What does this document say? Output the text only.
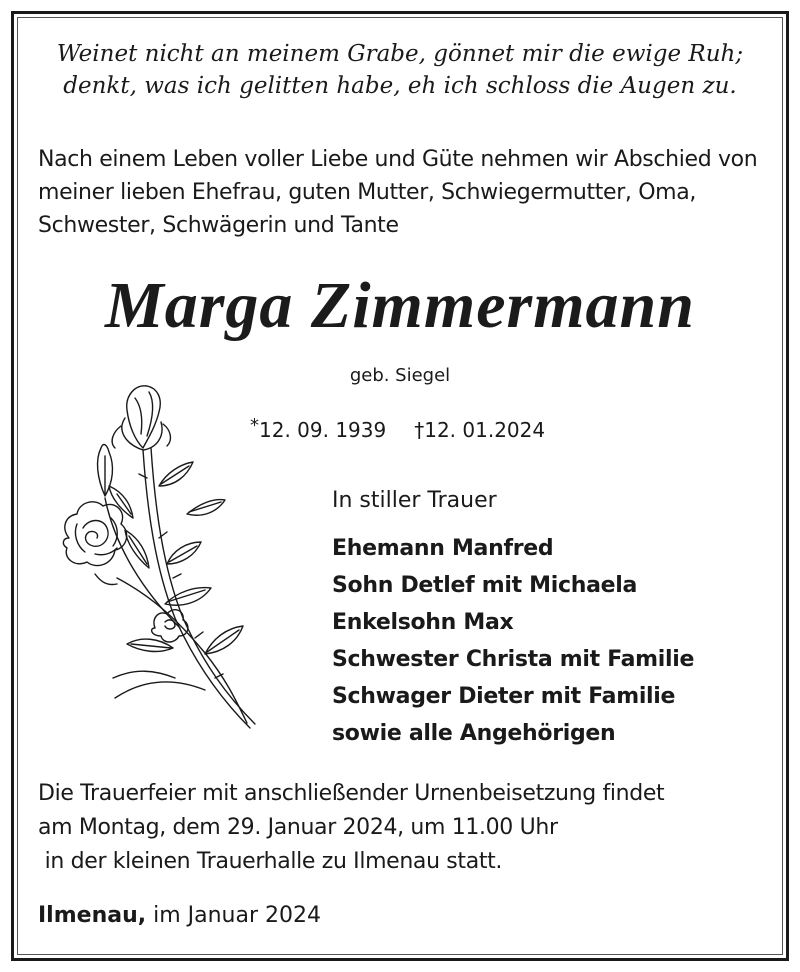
Weinet nicht an meinem Grabe, gönnet mir die ewige Ruh;
denkt, was ich gelitten habe, eh ich schloss die Augen zu.
Nach einem Leben voller Liebe und Güte nehmen wir Abschied von
meiner lieben Ehefrau, guten Mutter, Schwiegermutter, Oma,
Schwester, Schwägerin und Tante
Marga Zimmermann
geb. Siegel
*12. 09. 1939 †12. 01.2024
In stiller Trauer
Ehemann Manfred
Sohn Detlef mit Michaela
Enkelsohn Max
Schwester Christa mit Familie
Schwager Dieter mit Familie
sowie alle Angehörigen
Die Trauerfeier mit anschließender Urnenbeisetzung findet
am Montag, dem 29. Januar 2024, um 11.00 Uhr
in der kleinen Trauerhalle zu Ilmenau statt.
Ilmenau, im Januar 2024
